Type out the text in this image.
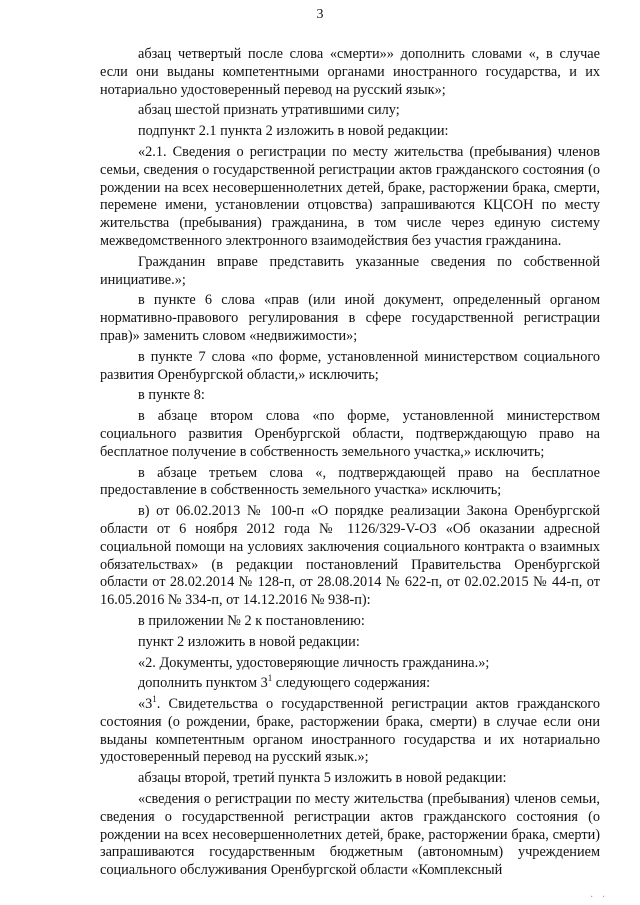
3

абзац четвертый после слова «смерти»» дополнить словами «, в случае если они выданы компетентными органами иностранного государства, и их нотариально удостоверенный перевод на русский язык»;

абзац шестой признать утратившими силу;

подпункт 2.1 пункта 2 изложить в новой редакции:

«2.1. Сведения о регистрации по месту жительства (пребывания) членов семьи, сведения о государственной регистрации актов гражданского состояния (о рождении на всех несовершеннолетних детей, браке, расторжении брака, смерти, перемене имени, установлении отцовства) запрашиваются КЦСОН по месту жительства (пребывания) гражданина, в том числе через единую систему межведомственного электронного взаимодействия без участия гражданина.

Гражданин вправе представить указанные сведения по собственной инициативе.»;

в пункте 6 слова «прав (или иной документ, определенный органом нормативно-правового регулирования в сфере государственной регистрации прав)» заменить словом «недвижимости»;

в пункте 7 слова «по форме, установленной министерством социального развития Оренбургской области,» исключить;

в пункте 8:

в абзаце втором слова «по форме, установленной министерством социального развития Оренбургской области, подтверждающую право на бесплатное получение в собственность земельного участка,» исключить;

в абзаце третьем слова «, подтверждающей право на бесплатное предоставление в собственность земельного участка» исключить;

в) от 06.02.2013 № 100-п «О порядке реализации Закона Оренбургской области от 6 ноября 2012 года № 1126/329-V-ОЗ «Об оказании адресной социальной помощи на условиях заключения социального контракта о взаимных обязательствах» (в редакции постановлений Правительства Оренбургской области от 28.02.2014 № 128-п, от 28.08.2014 № 622-п, от 02.02.2015 № 44-п, от 16.05.2016 № 334-п, от 14.12.2016 № 938-п):

в приложении № 2 к постановлению:

пункт 2 изложить в новой редакции:

«2. Документы, удостоверяющие личность гражданина.»;

дополнить пунктом $3^1$ следующего содержания:

«$3^1$. Свидетельства о государственной регистрации актов гражданского состояния (о рождении, браке, расторжении брака, смерти) в случае если они выданы компетентным органом иностранного государства и их нотариально удостоверенный перевод на русский язык.»;

абзацы второй, третий пункта 5 изложить в новой редакции:

«сведения о регистрации по месту жительства (пребывания) членов семьи, сведения о государственной регистрации актов гражданского состояния (о рождении на всех несовершеннолетних детей, браке, расторжении брака, смерти) запрашиваются государственным бюджетным (автономным) учреждением социального обслуживания Оренбургской области «Комплексный

· ·
